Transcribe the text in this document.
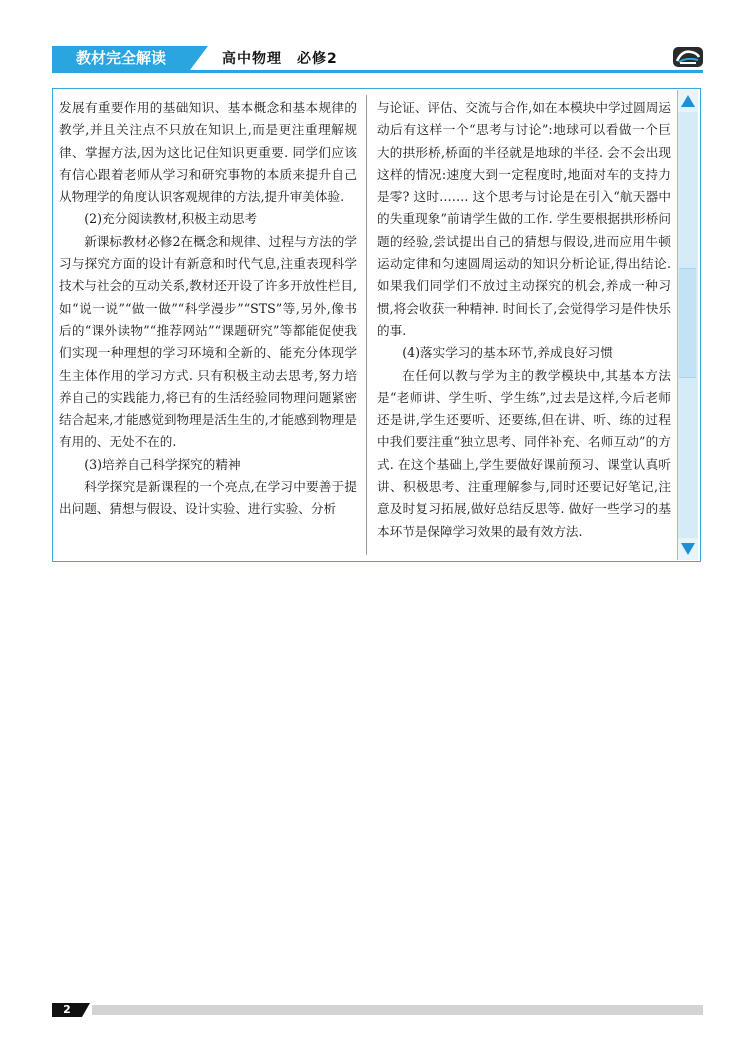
教材完全解读	高中物理　必修2

发展有重要作用的基础知识、基本概念和基本规律的教学,并且关注点不只放在知识上,而是更注重理解规律、掌握方法,因为这比记住知识更重要. 同学们应该有信心跟着老师从学习和研究事物的本质来提升自己从物理学的角度认识客观规律的方法,提升审美体验.

(2)充分阅读教材,积极主动思考

新课标教材必修2在概念和规律、过程与方法的学习与探究方面的设计有新意和时代气息,注重表现科学技术与社会的互动关系,教材还开设了许多开放性栏目,如“说一说”“做一做”“科学漫步”“STS”等,另外,像书后的“课外读物”“推荐网站”“课题研究”等都能促使我们实现一种理想的学习环境和全新的、能充分体现学生主体作用的学习方式. 只有积极主动去思考,努力培养自己的实践能力,将已有的生活经验同物理问题紧密结合起来,才能感觉到物理是活生生的,才能感到物理是有用的、无处不在的.

(3)培养自己科学探究的精神

科学探究是新课程的一个亮点,在学习中要善于提出问题、猜想与假设、设计实验、进行实验、分析

与论证、评估、交流与合作,如在本模块中学过圆周运动后有这样一个“思考与讨论”:地球可以看做一个巨大的拱形桥,桥面的半径就是地球的半径. 会不会出现这样的情况:速度大到一定程度时,地面对车的支持力是零? 这时……. 这个思考与讨论是在引入“航天器中的失重现象”前请学生做的工作. 学生要根据拱形桥问题的经验,尝试提出自己的猜想与假设,进而应用牛顿运动定律和匀速圆周运动的知识分析论证,得出结论. 如果我们同学们不放过主动探究的机会,养成一种习惯,将会收获一种精神. 时间长了,会觉得学习是件快乐的事.

(4)落实学习的基本环节,养成良好习惯

在任何以教与学为主的教学模块中,其基本方法是“老师讲、学生听、学生练”,过去是这样,今后老师还是讲,学生还要听、还要练,但在讲、听、练的过程中我们要注重“独立思考、同伴补充、名师互动”的方式. 在这个基础上,学生要做好课前预习、课堂认真听讲、积极思考、注重理解参与,同时还要记好笔记,注意及时复习拓展,做好总结反思等. 做好一些学习的基本环节是保障学习效果的最有效方法.

2
